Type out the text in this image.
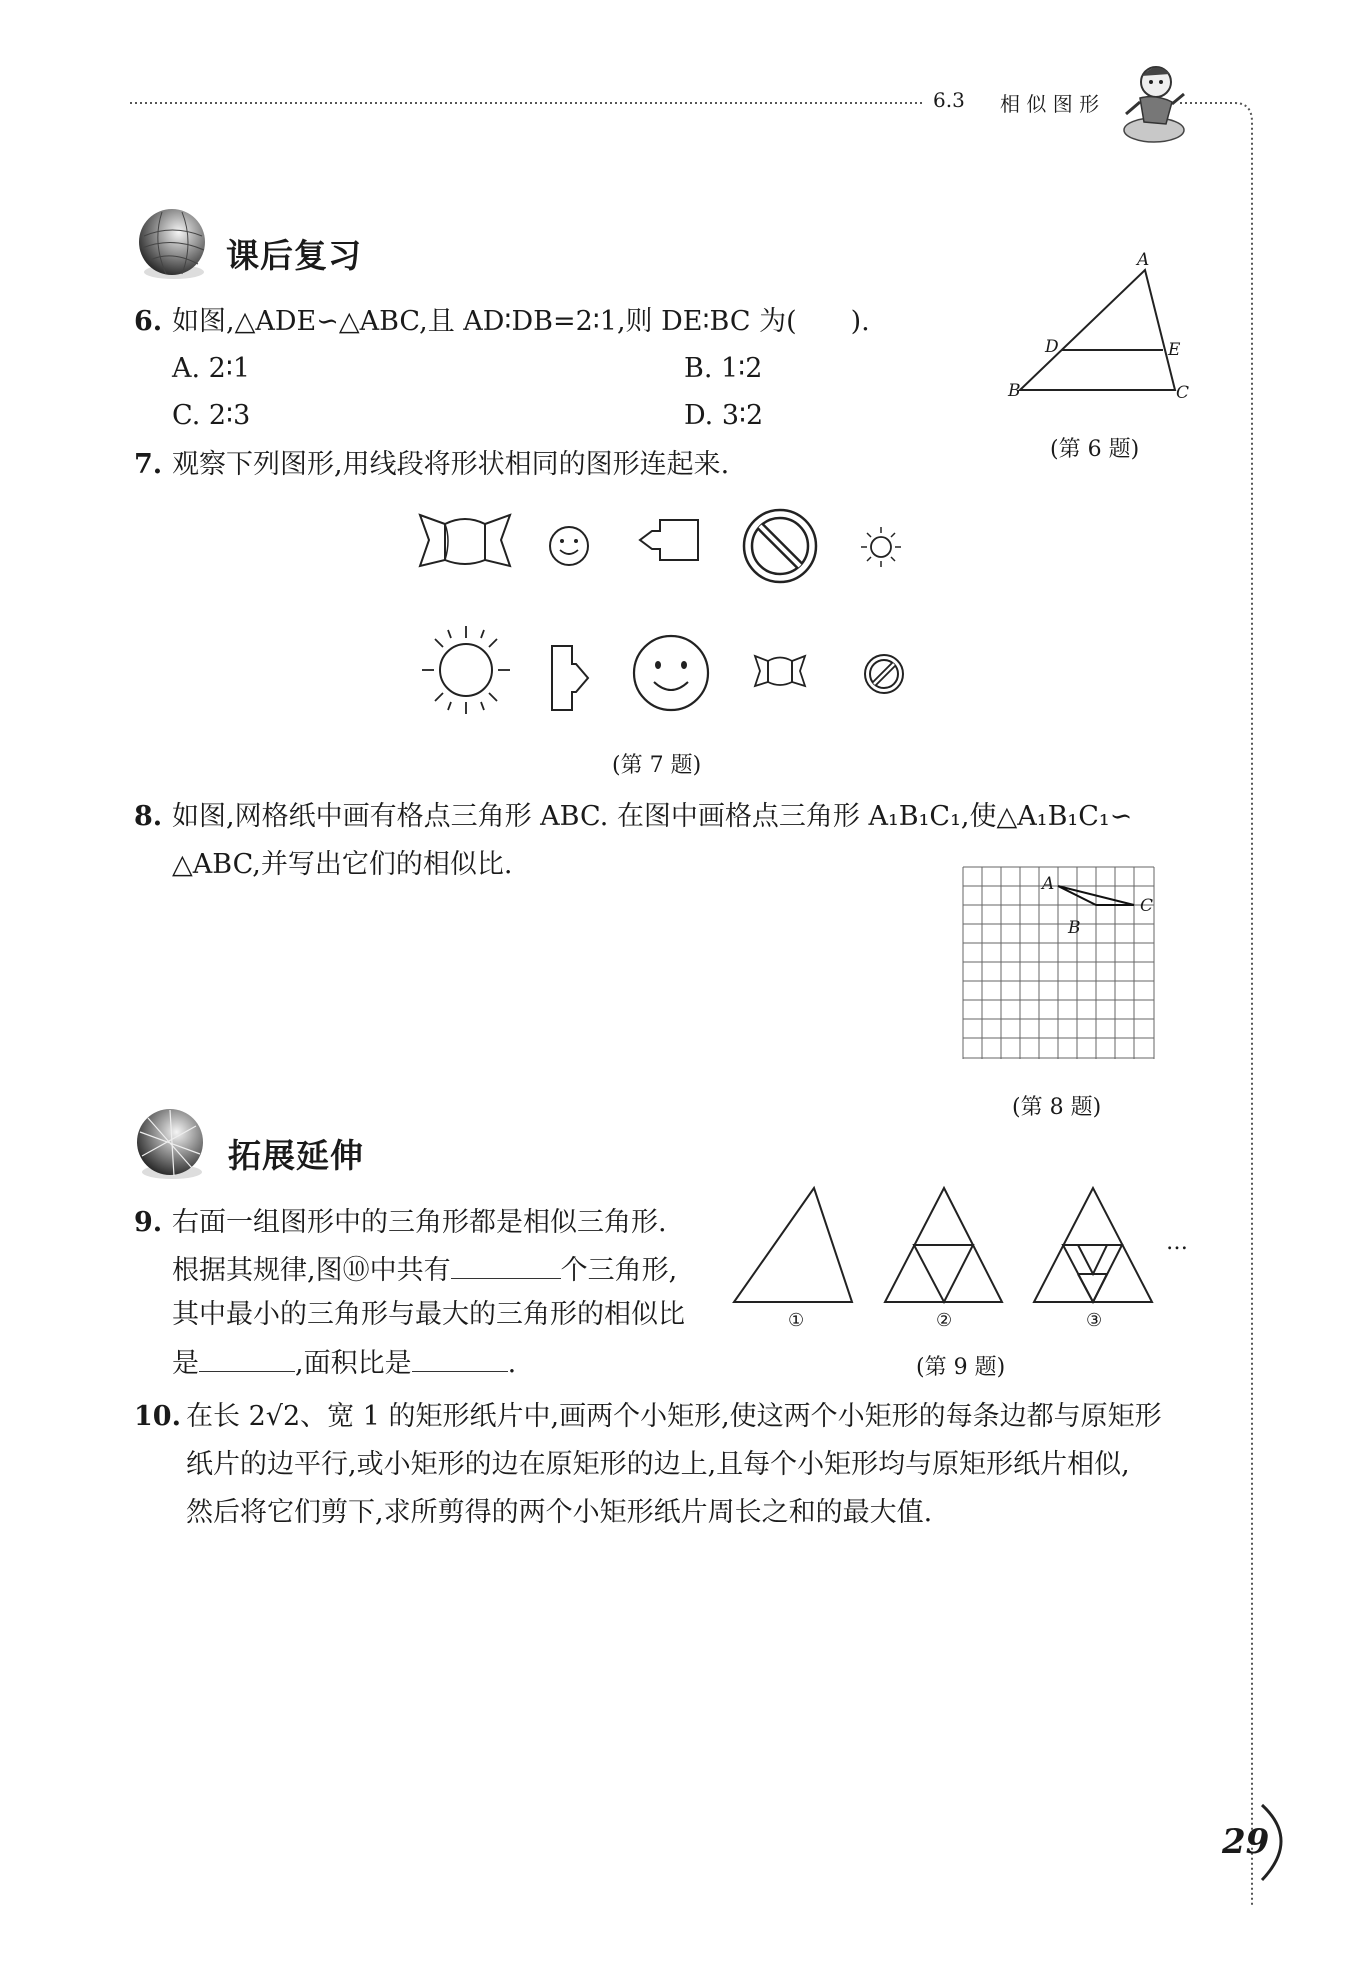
6.3 相 似 图 形
课后复习
6. 如图,△ADE∽△ABC,且 AD∶DB=2∶1,则 DE∶BC 为(　　).
A. 2∶1	B. 1∶2
C. 2∶3	D. 3∶2
A
D	E
B	C
(第 6 题)
7. 观察下列图形,用线段将形状相同的图形连起来.
(第 7 题)
8. 如图,网格纸中画有格点三角形 ABC. 在图中画格点三角形 A₁B₁C₁,使△A₁B₁C₁∽
△ABC,并写出它们的相似比.
A
B
C
(第 8 题)
拓展延伸
9. 右面一组图形中的三角形都是相似三角形.
根据其规律,图⑩中共有	个三角形,
其中最小的三角形与最大的三角形的相似比
是	,面积比是	.
…
①	②	③
(第 9 题)
10. 在长 2√2、宽 1 的矩形纸片中,画两个小矩形,使这两个小矩形的每条边都与原矩形
纸片的边平行,或小矩形的边在原矩形的边上,且每个小矩形均与原矩形纸片相似,
然后将它们剪下,求所剪得的两个小矩形纸片周长之和的最大值.
29
